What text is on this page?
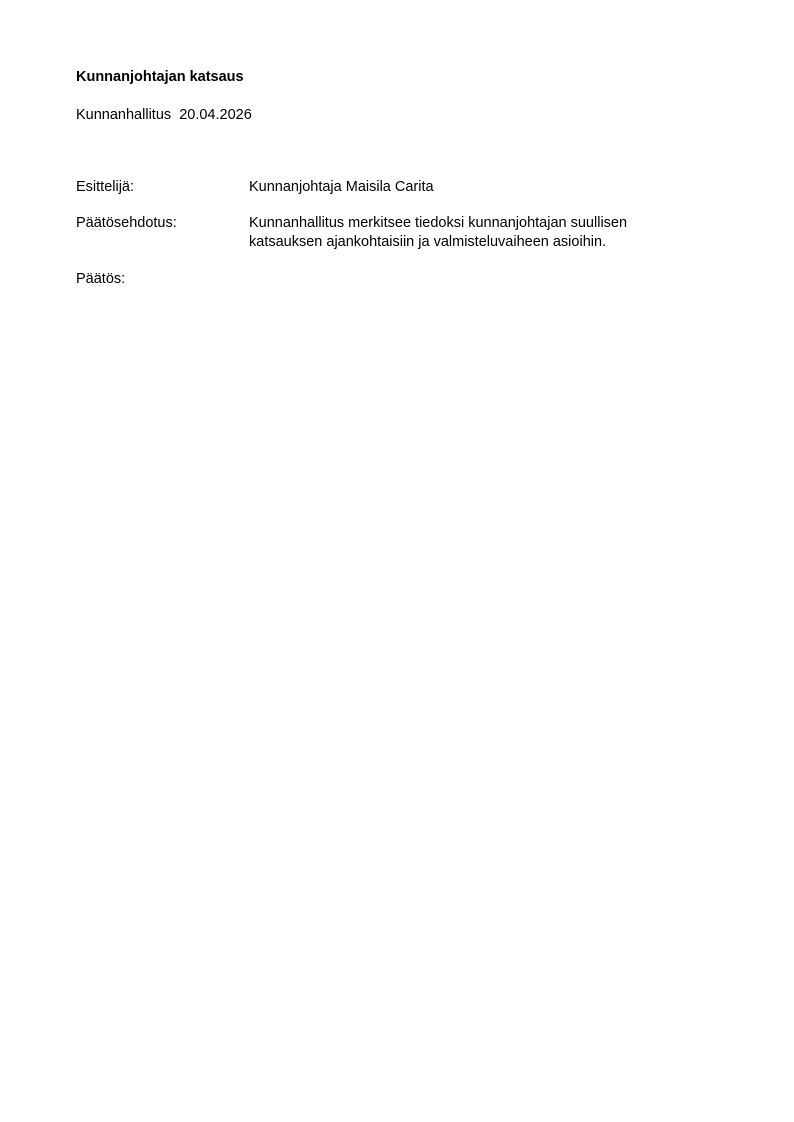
Kunnanjohtajan katsaus
Kunnanhallitus 20.04.2026
Esittelijä:	Kunnanjohtaja Maisila Carita
Päätösehdotus:	Kunnanhallitus merkitsee tiedoksi kunnanjohtajan suullisen
katsauksen ajankohtaisiin ja valmisteluvaiheen asioihin.
Päätös:
